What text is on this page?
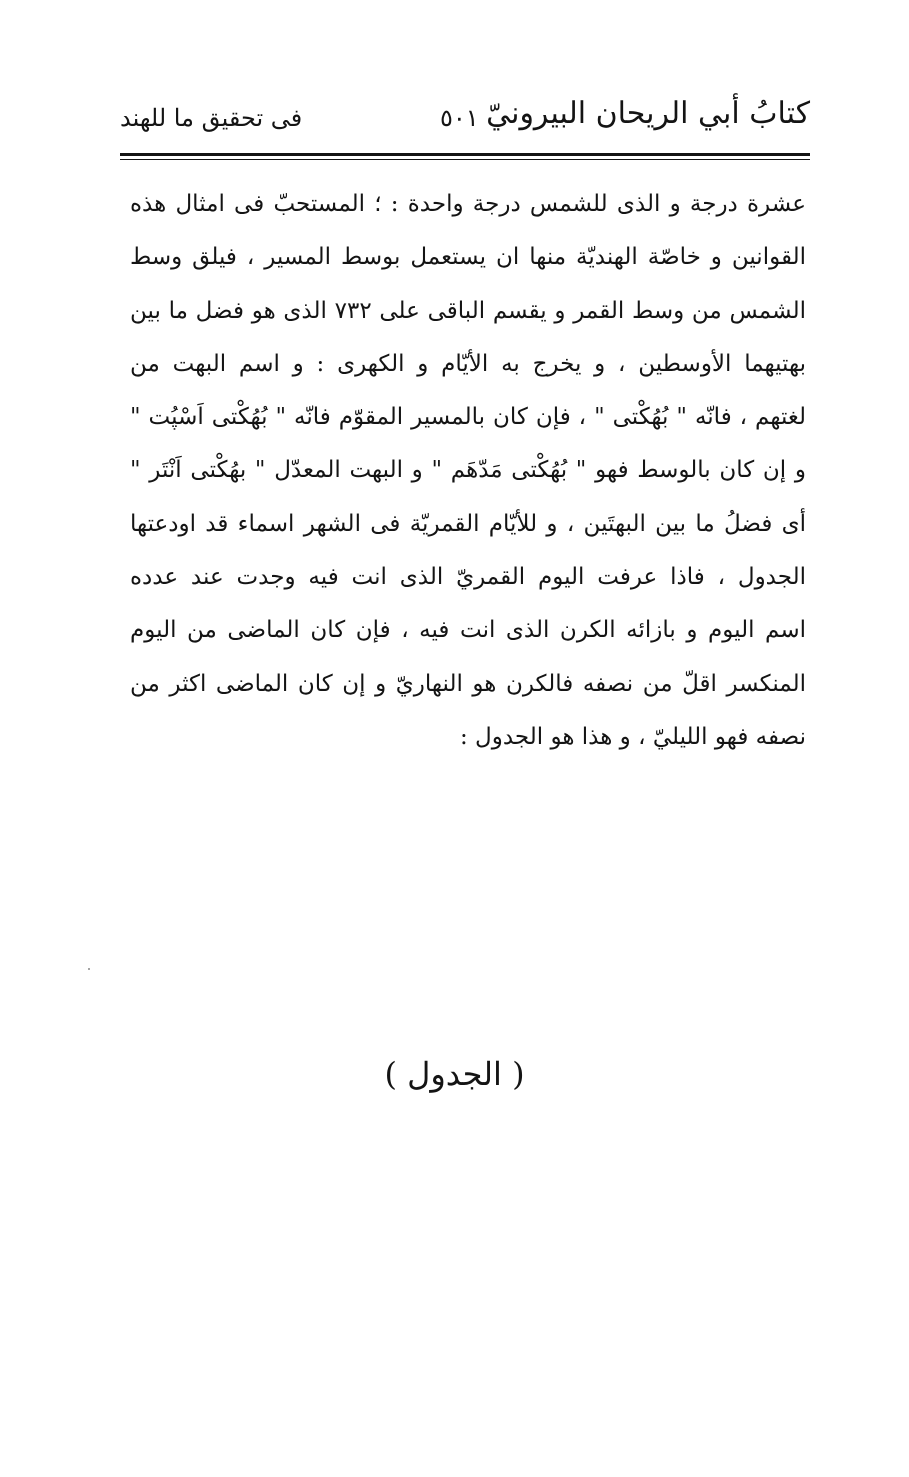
كتابُ أبي الريحان البيرونيّ
٥٠١
فى تحقيق ما للهند
عشرة درجة و الذى للشمس درجة واحدة : ؛ المستحبّ فى امثال هذه
القوانين و خاصّة الهنديّة منها ان يستعمل بوسط المسير ، فيلق وسط
الشمس من وسط القمر و يقسم الباقى على ٧٣٢ الذى هو فضل ما بين
بهتيهما الأوسطين ، و يخرج به الأيّام و الكهرى : و اسم البهت من
لغتهم ، فانّه " بُهُكْتى " ، فإن كان بالمسير المقوّم فانّه " بُهُكْتى اَسْپُت "
و إن كان بالوسط فهو " بُهُكْتى مَدّهَم " و البهت المعدّل " بهُكْتى اَنْتَر "
أى فضلُ ما بين البهتَين ، و للأيّام القمريّة فى الشهر اسماء قد اودعتها
الجدول ، فاذا عرفت اليوم القمريّ الذى انت فيه وجدت عند عدده
اسم اليوم و بازائه الكرن الذى انت فيه ، فإن كان الماضى من اليوم
المنكسر اقلّ من نصفه فالكرن هو النهاريّ و إن كان الماضى اكثر من
نصفه فهو الليليّ ، و هذا هو الجدول :
( الجدول )
